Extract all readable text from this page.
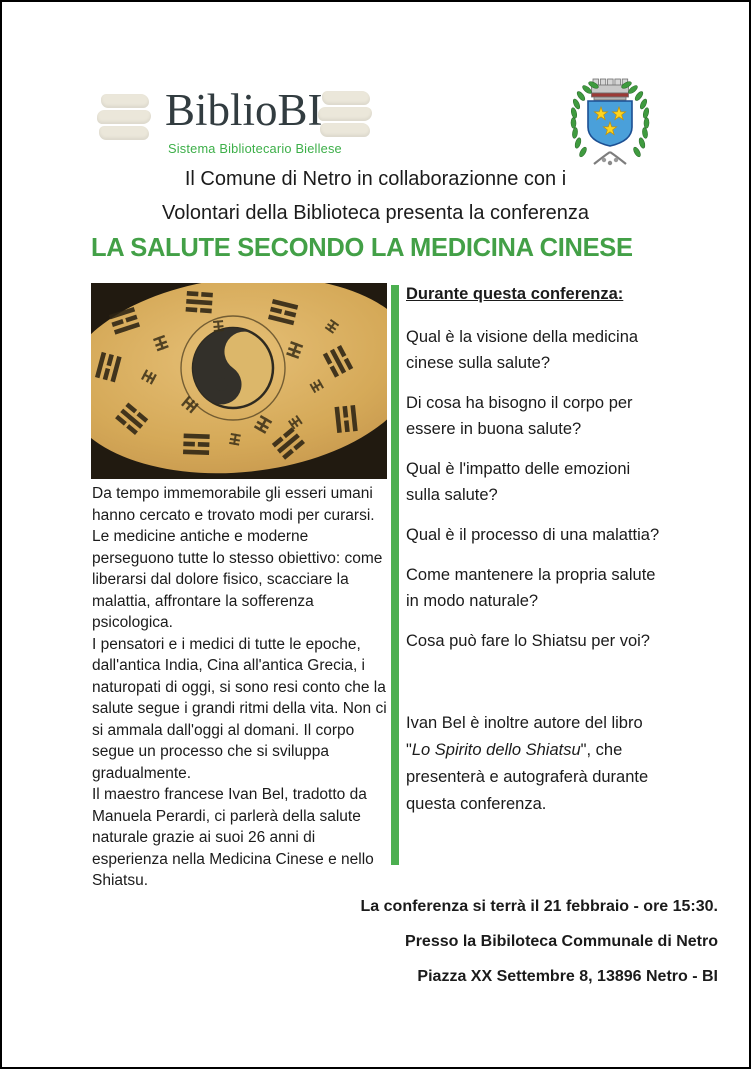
BiblioBI
Sistema Bibliotecario Biellese
Il Comune di Netro in collaborazionne con i
Volontari della Biblioteca presenta la conferenza
LA SALUTE SECONDO LA MEDICINA CINESE

Da tempo immemorabile gli esseri umani hanno cercato e trovato modi per curarsi. Le medicine antiche e moderne perseguono tutte lo stesso obiettivo: come liberarsi dal dolore fisico, scacciare la malattia, affrontare la sofferenza psicologica.

I pensatori e i medici di tutte le epoche, dall'antica India, Cina all'antica Grecia, i naturopati di oggi, si sono resi conto che la salute segue i grandi ritmi della vita. Non ci si ammala dall'oggi al domani. Il corpo segue un processo che si sviluppa gradualmente.

Il maestro francese Ivan Bel, tradotto da Manuela Perardi, ci parlerà della salute naturale grazie ai suoi 26 anni di esperienza nella Medicina Cinese e nello Shiatsu.

Durante questa conferenza:

Qual è la visione della medicina cinese sulla salute?

Di cosa ha bisogno il corpo per essere in buona salute?

Qual è l'impatto delle emozioni sulla salute?

Qual è il processo di una malattia?

Come mantenere la propria salute in modo naturale?

Cosa può fare lo Shiatsu per voi?

Ivan Bel è inoltre autore del libro "Lo Spirito dello Shiatsu", che presenterà e autograferà durante questa conferenza.

La conferenza si terrà il 21 febbraio - ore 15:30.
Presso la Bibiloteca Communale di Netro
Piazza XX Settembre 8, 13896 Netro - BI
